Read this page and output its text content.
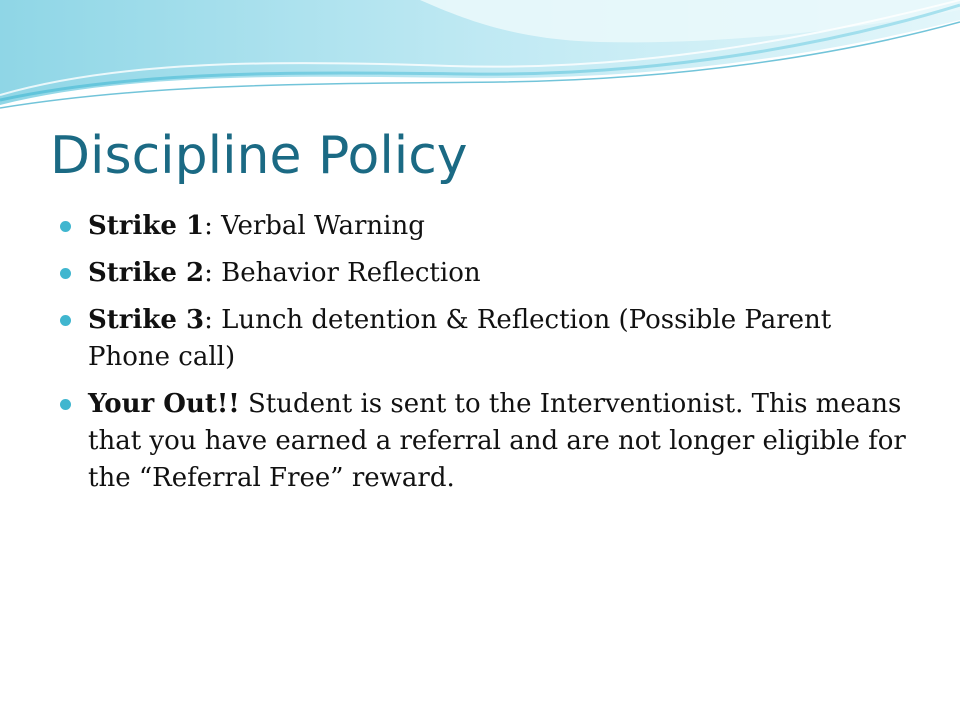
Discipline Policy
Strike 1: Verbal Warning
Strike 2: Behavior Reflection
Strike 3: Lunch detention & Reflection (Possible Parent Phone call)
Your Out!! Student is sent to the Interventionist. This means that you have earned a referral and are not longer eligible for the “Referral Free” reward.
